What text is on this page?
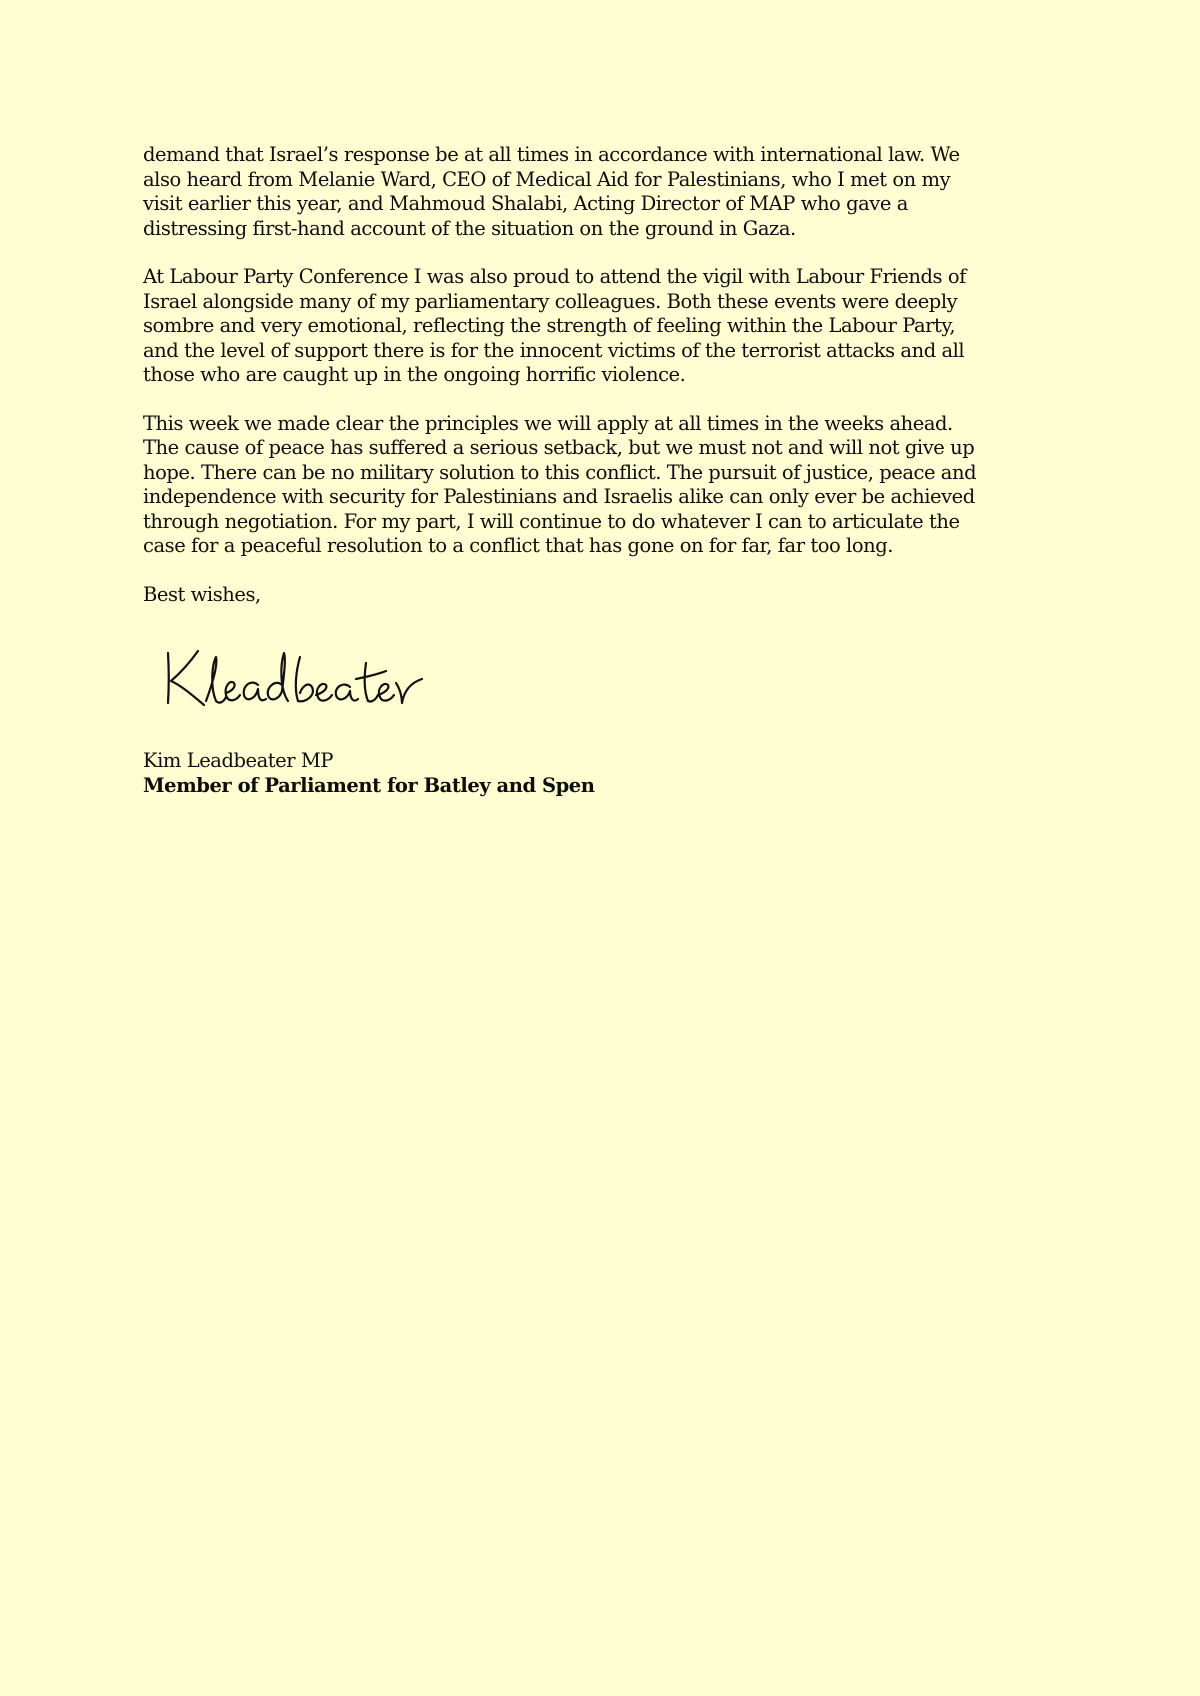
demand that Israel’s response be at all times in accordance with international law. We
also heard from Melanie Ward, CEO of Medical Aid for Palestinians, who I met on my
visit earlier this year, and Mahmoud Shalabi, Acting Director of MAP who gave a
distressing first-hand account of the situation on the ground in Gaza.

At Labour Party Conference I was also proud to attend the vigil with Labour Friends of
Israel alongside many of my parliamentary colleagues. Both these events were deeply
sombre and very emotional, reflecting the strength of feeling within the Labour Party,
and the level of support there is for the innocent victims of the terrorist attacks and all
those who are caught up in the ongoing horrific violence.

This week we made clear the principles we will apply at all times in the weeks ahead.
The cause of peace has suffered a serious setback, but we must not and will not give up
hope. There can be no military solution to this conflict. The pursuit of justice, peace and
independence with security for Palestinians and Israelis alike can only ever be achieved
through negotiation. For my part, I will continue to do whatever I can to articulate the
case for a peaceful resolution to a conflict that has gone on for far, far too long.

Best wishes,

Kim Leadbeater MP

Member of Parliament for Batley and Spen
